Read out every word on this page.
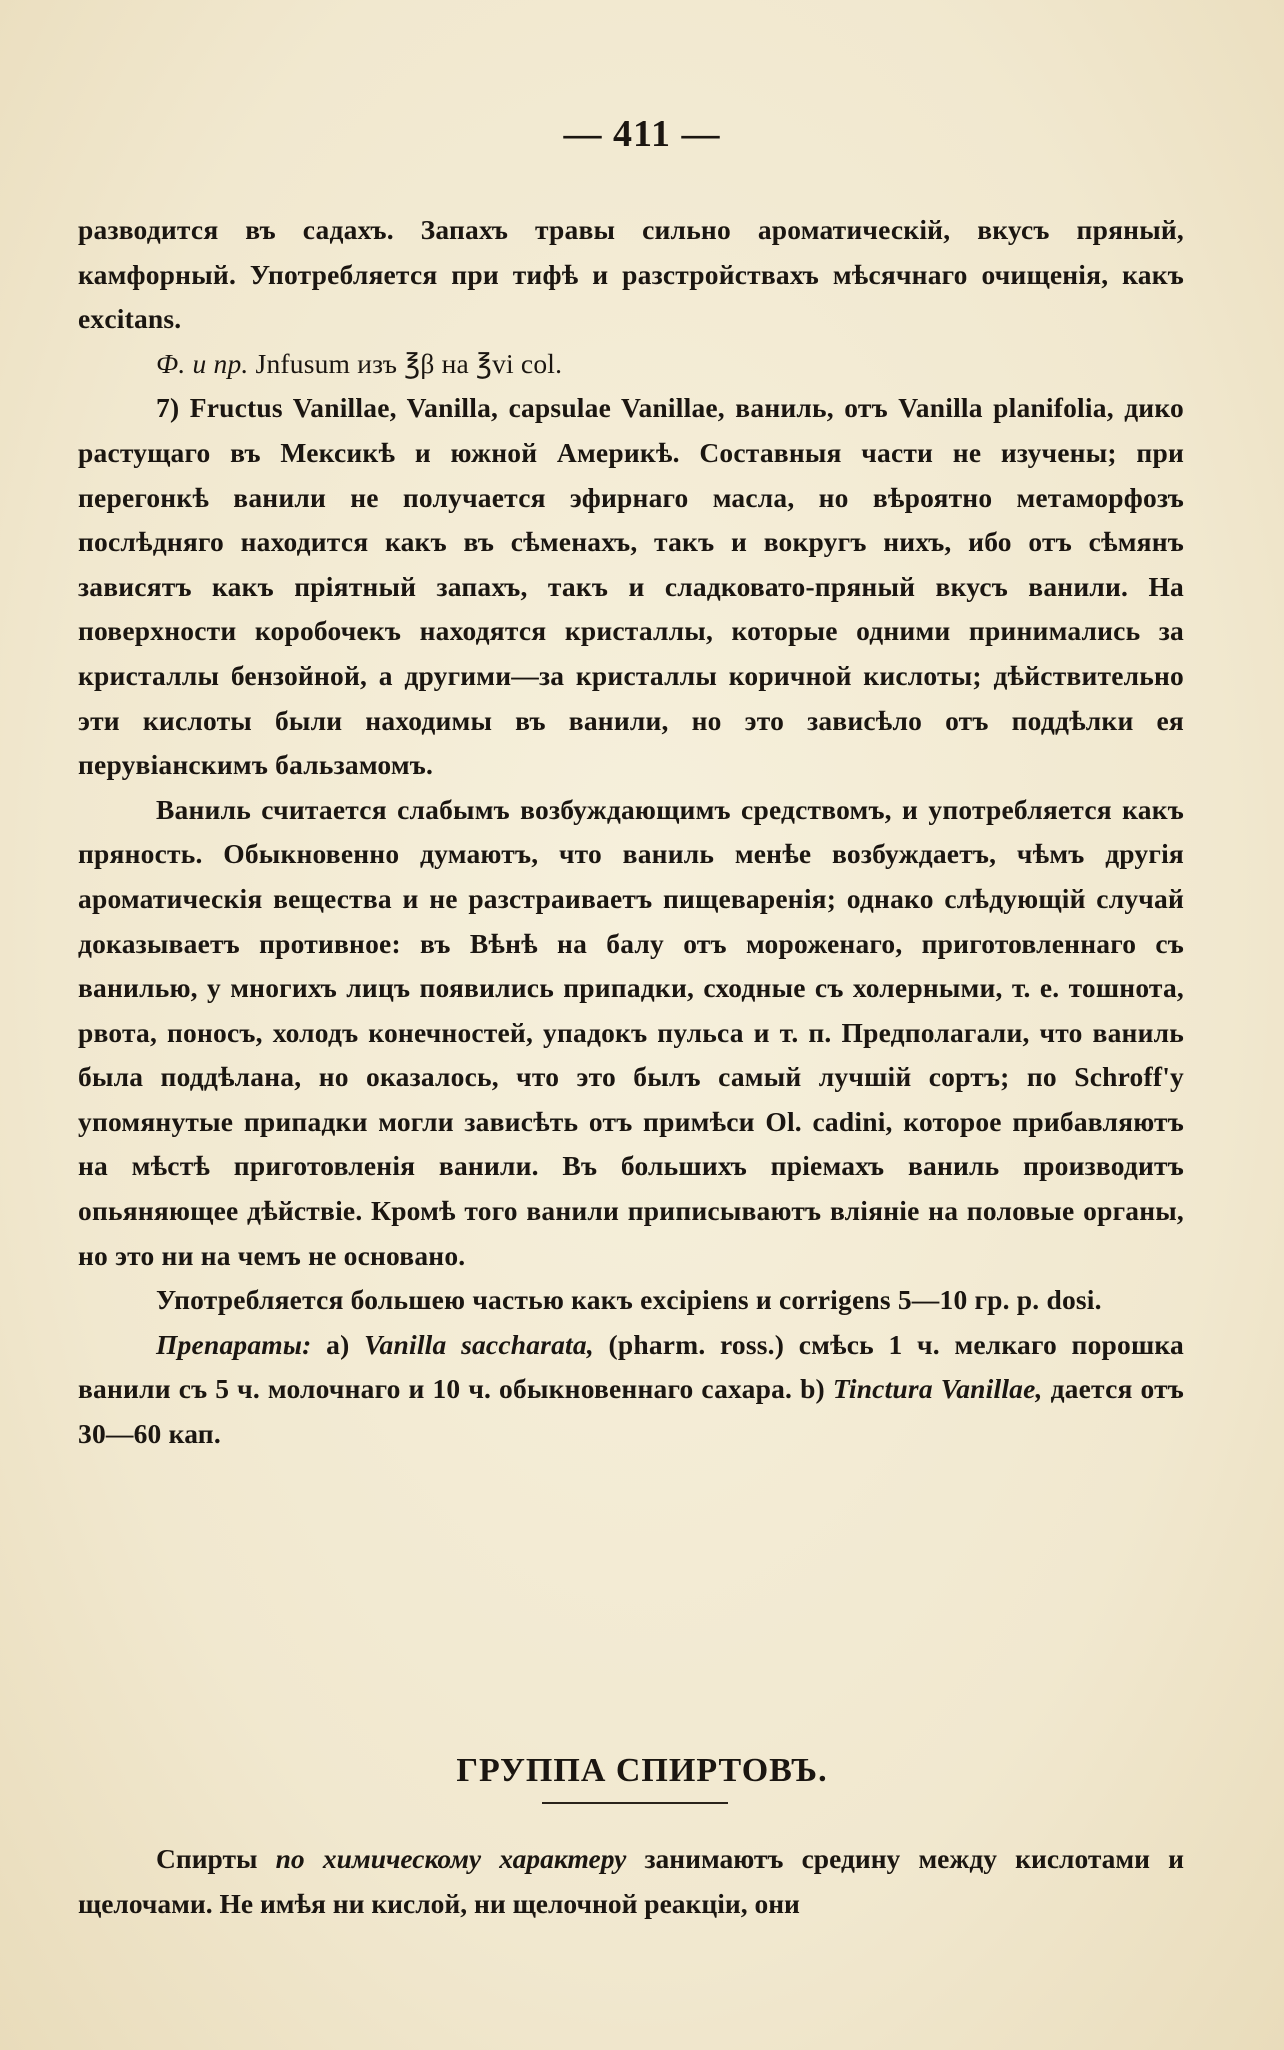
— 411 —

разводится въ садахъ. Запахъ травы сильно ароматическій, вкусъ пряный, камфорный. Употребляется при тифѣ и разстройствахъ мѣсячнаго очищенія, какъ excitans.

Ф. и пр. Jnfusum изъ ℥β на ℥vi col.

7) Fructus Vanillae, Vanilla, capsulae Vanillae, ваниль, отъ Vanilla planifolia, дико растущаго въ Мексикѣ и южной Америкѣ. Составныя части не изучены; при перегонкѣ ванили не получается эфирнаго масла, но вѣроятно метаморфозъ послѣдняго находится какъ въ сѣменахъ, такъ и вокругъ нихъ, ибо отъ сѣмянъ зависятъ какъ пріятный запахъ, такъ и сладковато-пряный вкусъ ванили. На поверхности коробочекъ находятся кристаллы, которые одними принимались за кристаллы бензойной, а другими—за кристаллы коричной кислоты; дѣйствительно эти кислоты были находимы въ ванили, но это зависѣло отъ поддѣлки ея перувіанскимъ бальзамомъ.

Ваниль считается слабымъ возбуждающимъ средствомъ, и употребляется какъ пряность. Обыкновенно думаютъ, что ваниль менѣе возбуждаетъ, чѣмъ другія ароматическія вещества и не разстраиваетъ пищеваренія; однако слѣдующій случай доказываетъ противное: въ Вѣнѣ на балу отъ мороженаго, приготовленнаго съ ванилью, у многихъ лицъ появились припадки, сходные съ холерными, т. е. тошнота, рвота, поносъ, холодъ конечностей, упадокъ пульса и т. п. Предполагали, что ваниль была поддѣлана, но оказалось, что это былъ самый лучшій сортъ; по Schroff'у упомянутые припадки могли зависѣть отъ примѣси Ol. cadini, которое прибавляютъ на мѣстѣ приготовленія ванили. Въ большихъ пріемахъ ваниль производитъ опьяняющее дѣйствіе. Кромѣ того ванили приписываютъ вліяніе на половые органы, но это ни на чемъ не основано.

Употребляется большею частью какъ excipiens и corrigens 5—10 гр. p. dosi.

Препараты: a) Vanilla saccharata, (pharm. ross.) смѣсь 1 ч. мелкаго порошка ванили съ 5 ч. молочнаго и 10 ч. обыкновеннаго сахара. b) Tinctura Vanillae, дается отъ 30—60 кап.

ГРУППА СПИРТОВЪ.

Спирты по химическому характеру занимаютъ средину между кислотами и щелочами. Не имѣя ни кислой, ни щелочной реакціи, они
